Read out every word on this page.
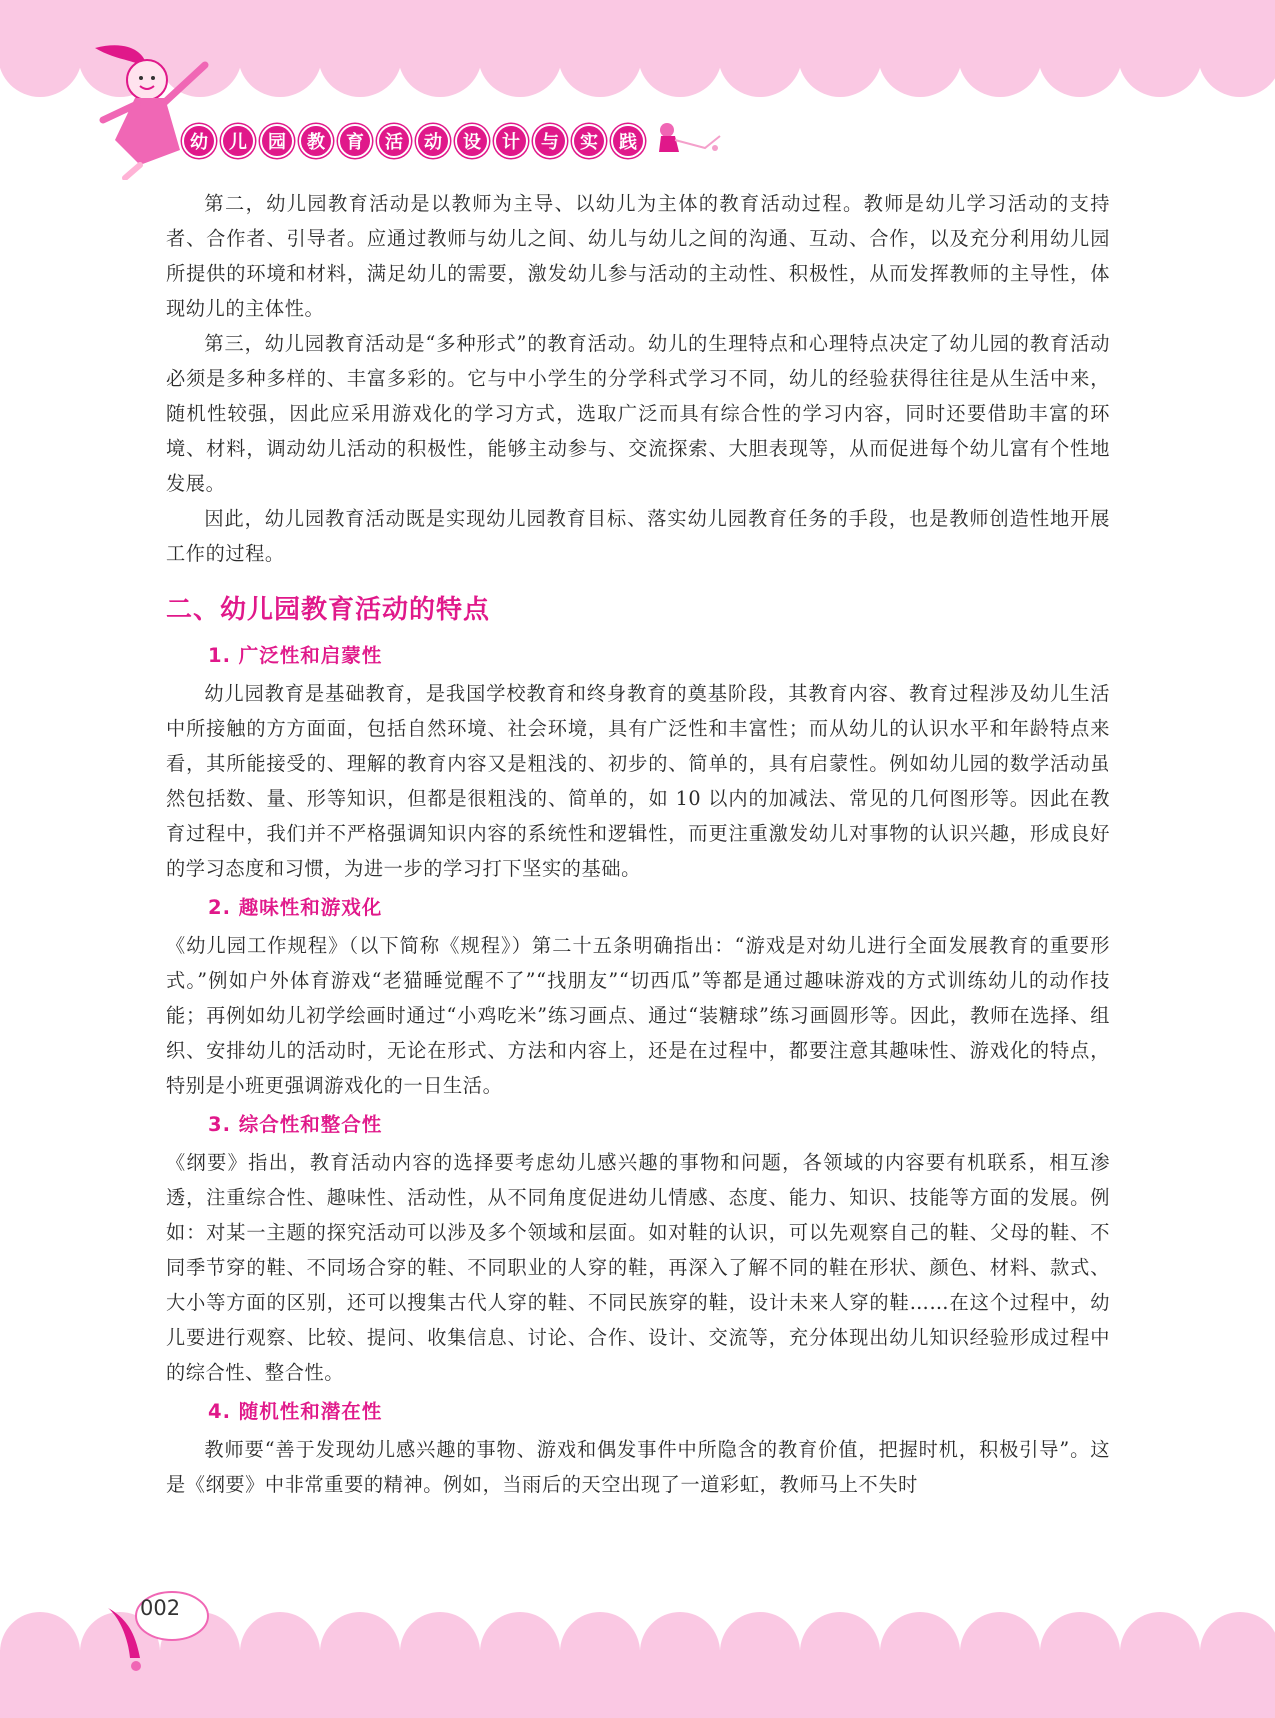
幼	儿	园	教	育	活	动	设	计	与	实	践

第二，幼儿园教育活动是以教师为主导、以幼儿为主体的教育活动过程。教师是幼儿学习活动的支持者、合作者、引导者。应通过教师与幼儿之间、幼儿与幼儿之间的沟通、互动、合作，以及充分利用幼儿园所提供的环境和材料，满足幼儿的需要，激发幼儿参与活动的主动性、积极性，从而发挥教师的主导性，体现幼儿的主体性。

第三，幼儿园教育活动是“多种形式”的教育活动。幼儿的生理特点和心理特点决定了幼儿园的教育活动必须是多种多样的、丰富多彩的。它与中小学生的分学科式学习不同，幼儿的经验获得往往是从生活中来，随机性较强，因此应采用游戏化的学习方式，选取广泛而具有综合性的学习内容，同时还要借助丰富的环境、材料，调动幼儿活动的积极性，能够主动参与、交流探索、大胆表现等，从而促进每个幼儿富有个性地发展。

因此，幼儿园教育活动既是实现幼儿园教育目标、落实幼儿园教育任务的手段，也是教师创造性地开展工作的过程。

二、幼儿园教育活动的特点
1. 广泛性和启蒙性

幼儿园教育是基础教育，是我国学校教育和终身教育的奠基阶段，其教育内容、教育过程涉及幼儿生活中所接触的方方面面，包括自然环境、社会环境，具有广泛性和丰富性；而从幼儿的认识水平和年龄特点来看，其所能接受的、理解的教育内容又是粗浅的、初步的、简单的，具有启蒙性。例如幼儿园的数学活动虽然包括数、量、形等知识，但都是很粗浅的、简单的，如 10 以内的加减法、常见的几何图形等。因此在教育过程中，我们并不严格强调知识内容的系统性和逻辑性，而更注重激发幼儿对事物的认识兴趣，形成良好的学习态度和习惯，为进一步的学习打下坚实的基础。

2. 趣味性和游戏化

《幼儿园工作规程》（以下简称《规程》）第二十五条明确指出：“游戏是对幼儿进行全面发展教育的重要形式。”例如户外体育游戏“老猫睡觉醒不了”“找朋友”“切西瓜”等都是通过趣味游戏的方式训练幼儿的动作技能；再例如幼儿初学绘画时通过“小鸡吃米”练习画点、通过“装糖球”练习画圆形等。因此，教师在选择、组织、安排幼儿的活动时，无论在形式、方法和内容上，还是在过程中，都要注意其趣味性、游戏化的特点，特别是小班更强调游戏化的一日生活。

3. 综合性和整合性

《纲要》指出，教育活动内容的选择要考虑幼儿感兴趣的事物和问题，各领域的内容要有机联系，相互渗透，注重综合性、趣味性、活动性，从不同角度促进幼儿情感、态度、能力、知识、技能等方面的发展。例如：对某一主题的探究活动可以涉及多个领域和层面。如对鞋的认识，可以先观察自己的鞋、父母的鞋、不同季节穿的鞋、不同场合穿的鞋、不同职业的人穿的鞋，再深入了解不同的鞋在形状、颜色、材料、款式、大小等方面的区别，还可以搜集古代人穿的鞋、不同民族穿的鞋，设计未来人穿的鞋……在这个过程中，幼儿要进行观察、比较、提问、收集信息、讨论、合作、设计、交流等，充分体现出幼儿知识经验形成过程中的综合性、整合性。

4. 随机性和潜在性

教师要“善于发现幼儿感兴趣的事物、游戏和偶发事件中所隐含的教育价值，把握时机，积极引导”。这是《纲要》中非常重要的精神。例如，当雨后的天空出现了一道彩虹，教师马上不失时

002
